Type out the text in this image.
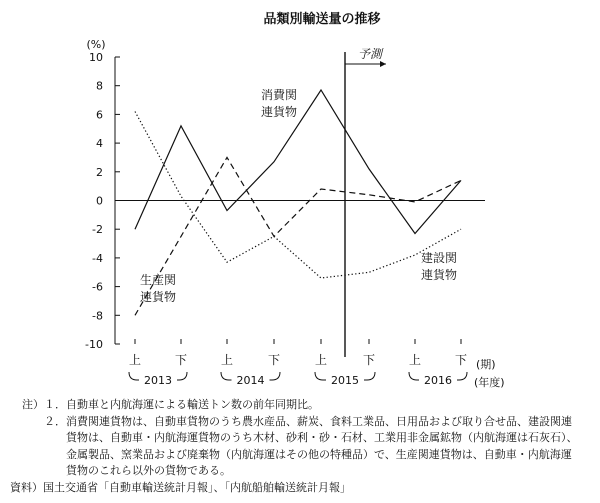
品類別輸送量の推移
(%)
10
8
6
4
2
0
-2
-4
-6
-8
-10
上	下	上	下	上	下	上	下 (期)
消費関連貨物
建設関連貨物
生産関連貨物
予測
2013	2014	2015	2016 (年度)
注）１．自動車と内航海運による輸送トン数の前年同期比。
　　２．消費関連貨物は、自動車貨物のうち農水産品、薪炭、食料工業品、日用品および取り合せ品、建設関連
　　　　貨物は、自動車・内航海運貨物のうち木材、砂利・砂・石材、工業用非金属鉱物（内航海運は石灰石）、
　　　　金属製品、窯業品および廃棄物（内航海運はその他の特種品）で、生産関連貨物は、自動車・内航海運
　　　　貨物のこれら以外の貨物である。
資料）国土交通省「自動車輸送統計月報」、「内航船舶輸送統計月報」
